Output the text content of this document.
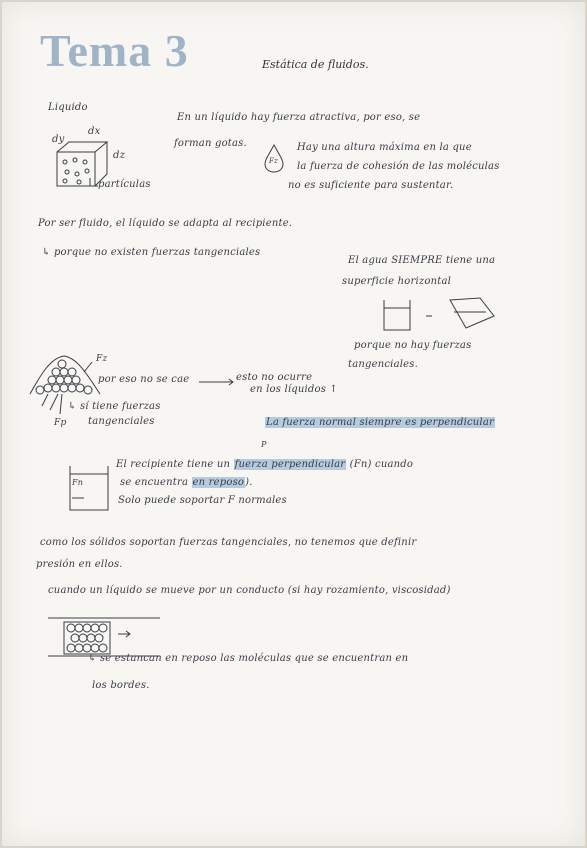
Tema 3	Estática de fluidos.
Liquido
dx
dy
dz
partículas
En un líquido hay fuerza atractiva, por eso, se
forman gotas.
Fz
Hay una altura máxima en la que
la fuerza de cohesión de las moléculas
no es suficiente para sustentar.
Por ser fluido, el líquido se adapta al recipiente.
↳ porque no existen fuerzas tangenciales
El agua SIEMPRE tiene una
superficie horizontal
porque no hay fuerzas
tangenciales.
Fz
Fp
por eso no se cae	esto no ocurre
en los líquidos ↑
↳ sí tiene fuerzas
tangenciales	La fuerza normal siempre es perpendicular
P
Fn
El recipiente tiene un fuerza perpendicular (Fn) cuando
se encuentra en reposo).
Solo puede soportar F normales
como los sólidos soportan fuerzas tangenciales, no tenemos que definir
presión en ellos.
cuando un líquido se mueve por un conducto (si hay rozamiento, viscosidad)
↳ se estancan en reposo las moléculas que se encuentran en
los bordes.
